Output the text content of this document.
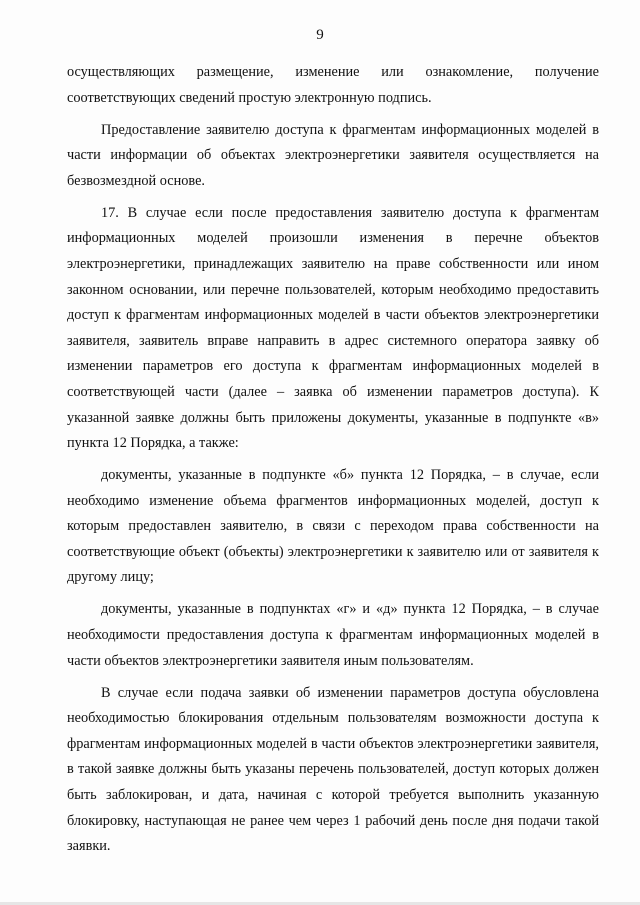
9

осуществляющих размещение, изменение или ознакомление, получение соответствующих сведений простую электронную подпись.

Предоставление заявителю доступа к фрагментам информационных моделей в части информации об объектах электроэнергетики заявителя осуществляется на безвозмездной основе.

17. В случае если после предоставления заявителю доступа к фрагментам информационных моделей произошли изменения в перечне объектов электроэнергетики, принадлежащих заявителю на праве собственности или ином законном основании, или перечне пользователей, которым необходимо предоставить доступ к фрагментам информационных моделей в части объектов электроэнергетики заявителя, заявитель вправе направить в адрес системного оператора заявку об изменении параметров его доступа к фрагментам информационных моделей в соответствующей части (далее – заявка об изменении параметров доступа). К указанной заявке должны быть приложены документы, указанные в подпункте «в» пункта 12 Порядка, а также:

документы, указанные в подпункте «б» пункта 12 Порядка, – в случае, если необходимо изменение объема фрагментов информационных моделей, доступ к которым предоставлен заявителю, в связи с переходом права собственности на соответствующие объект (объекты) электроэнергетики к заявителю или от заявителя к другому лицу;

документы, указанные в подпунктах «г» и «д» пункта 12 Порядка, – в случае необходимости предоставления доступа к фрагментам информационных моделей в части объектов электроэнергетики заявителя иным пользователям.

В случае если подача заявки об изменении параметров доступа обусловлена необходимостью блокирования отдельным пользователям возможности доступа к фрагментам информационных моделей в части объектов электроэнергетики заявителя, в такой заявке должны быть указаны перечень пользователей, доступ которых должен быть заблокирован, и дата, начиная с которой требуется выполнить указанную блокировку, наступающая не ранее чем через 1 рабочий день после дня подачи такой заявки.
